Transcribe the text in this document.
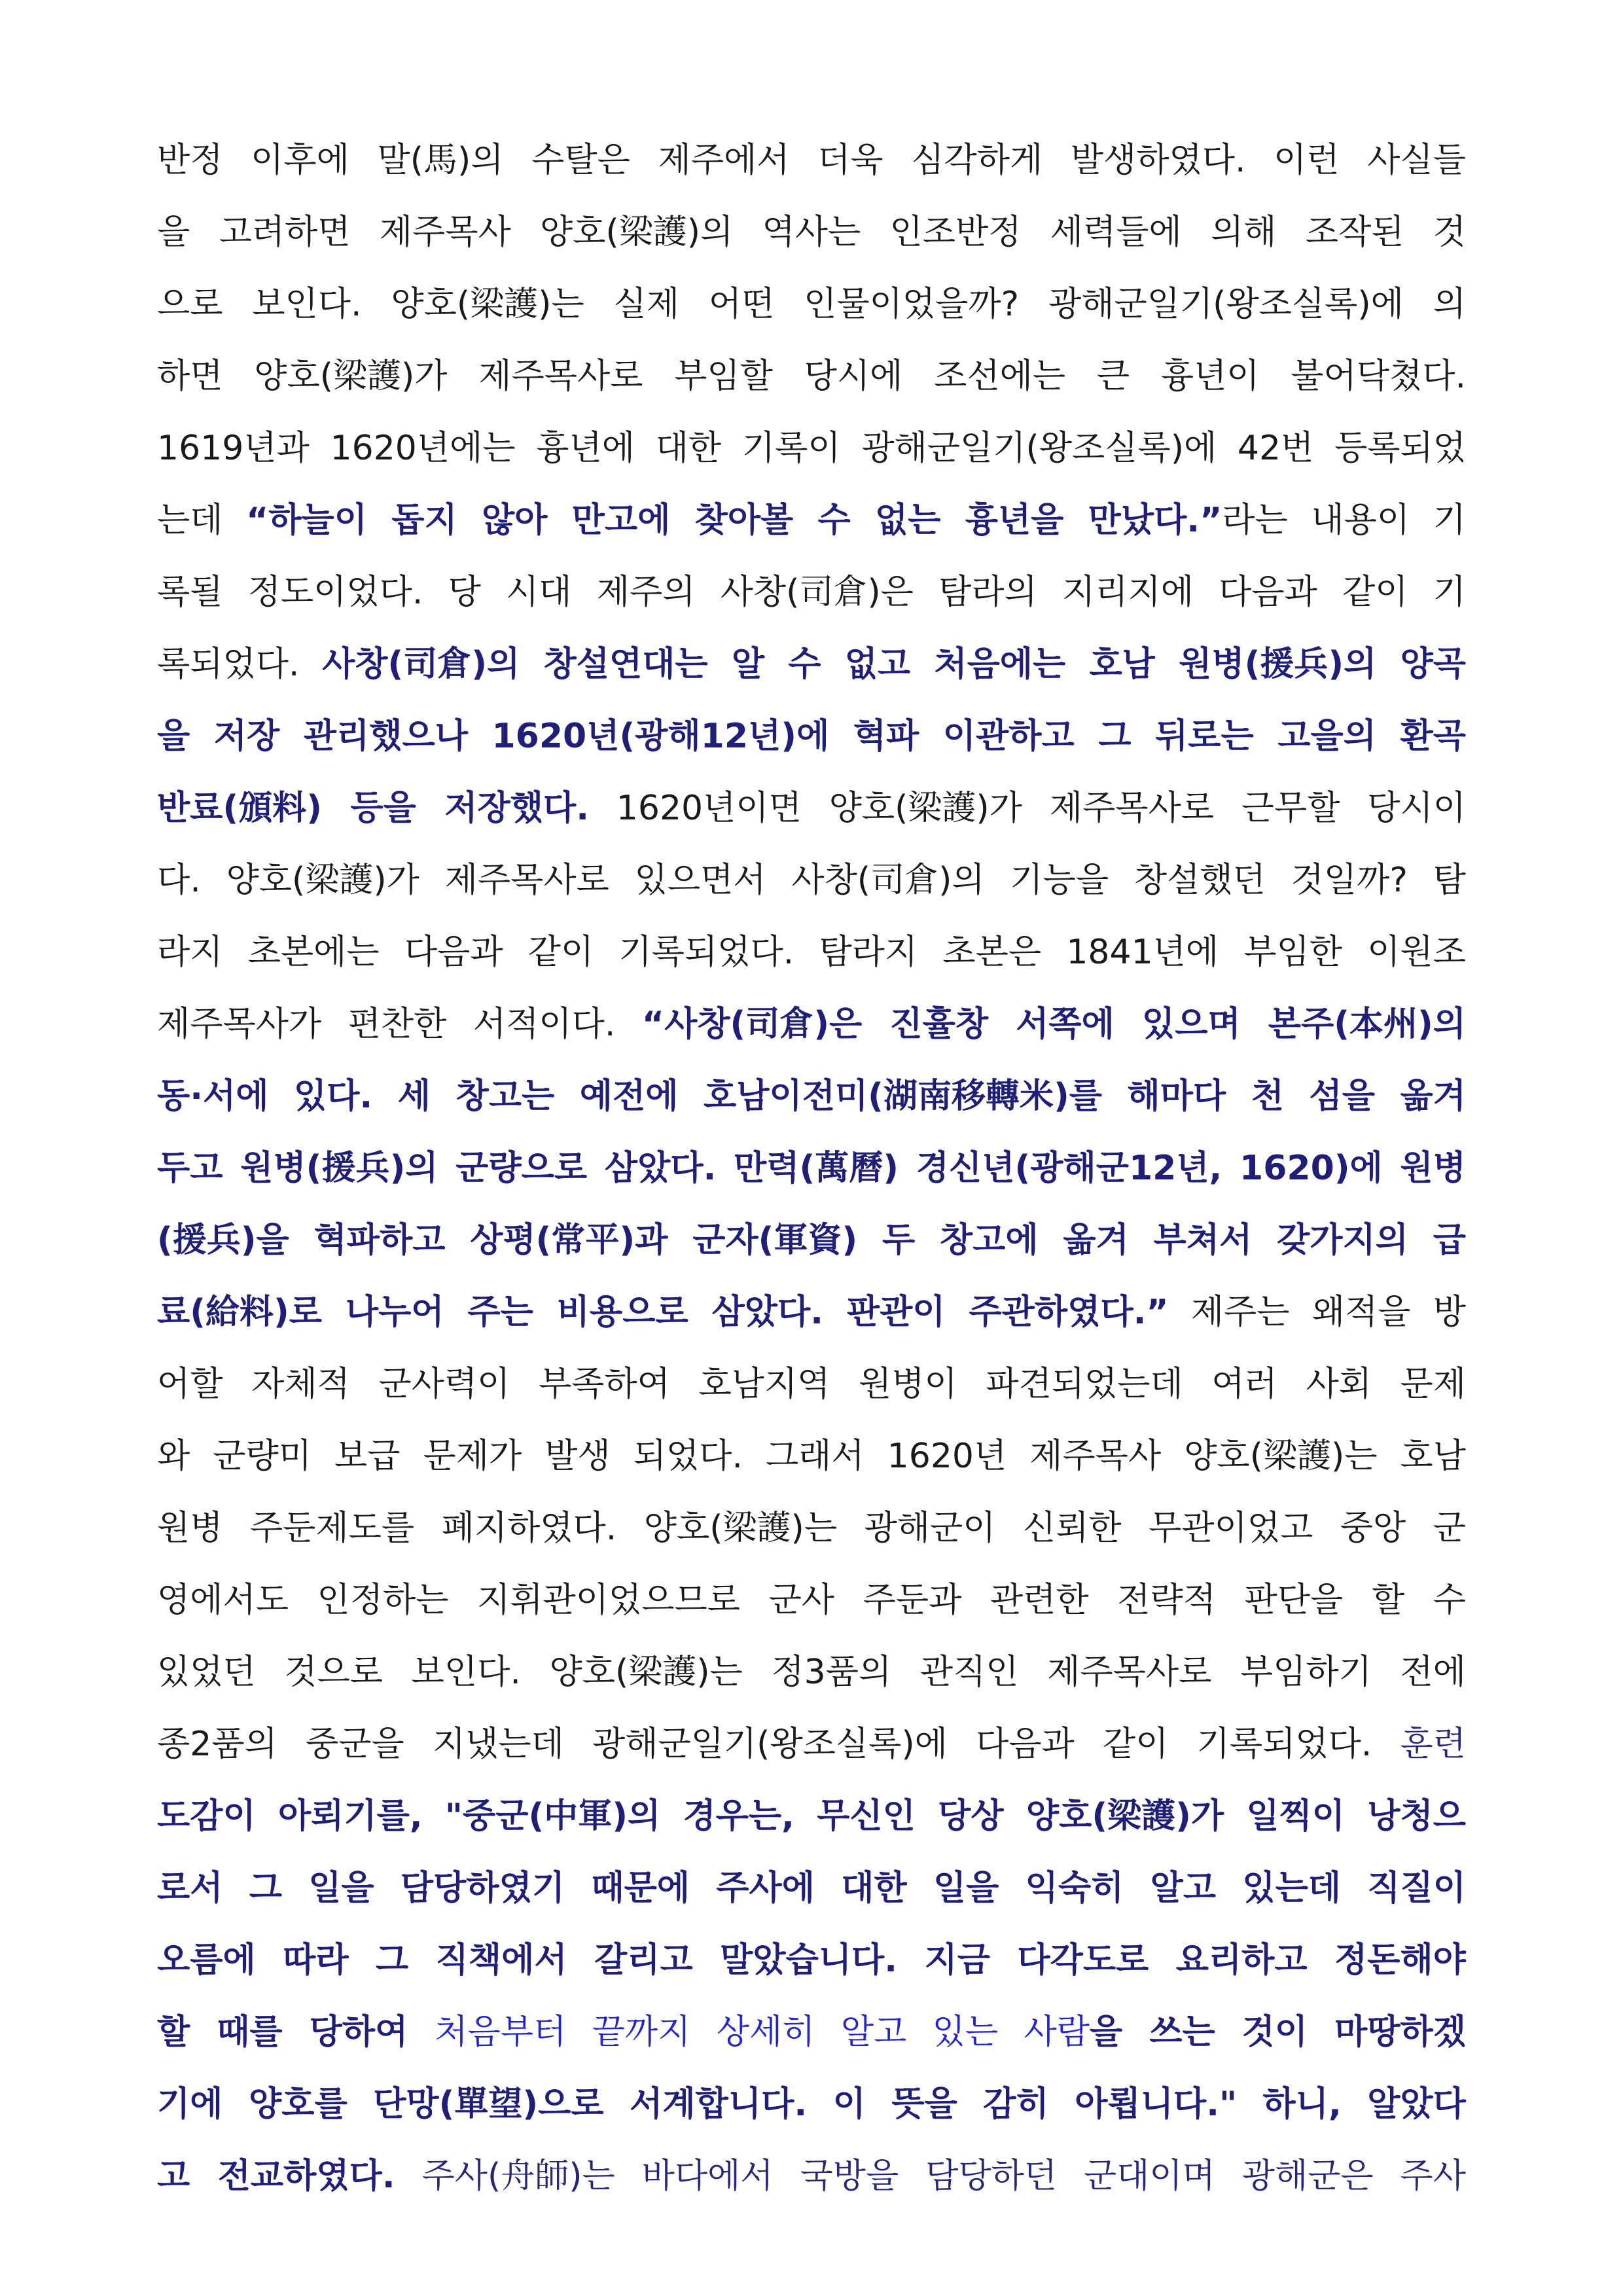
반정 이후에 말(馬)의 수탈은 제주에서 더욱 심각하게 발생하였다. 이런 사실들
을 고려하면 제주목사 양호(梁護)의 역사는 인조반정 세력들에 의해 조작된 것
으로 보인다. 양호(梁護)는 실제 어떤 인물이었을까? 광해군일기(왕조실록)에 의
하면 양호(梁護)가 제주목사로 부임할 당시에 조선에는 큰 흉년이 불어닥쳤다.
1619년과 1620년에는 흉년에 대한 기록이 광해군일기(왕조실록)에 42번 등록되었
는데 “하늘이 돕지 않아 만고에 찾아볼 수 없는 흉년을 만났다.”라는 내용이 기
록될 정도이었다. 당 시대 제주의 사창(司倉)은 탐라의 지리지에 다음과 같이 기
록되었다. 사창(司倉)의 창설연대는 알 수 없고 처음에는 호남 원병(援兵)의 양곡
을 저장 관리했으나 1620년(광해12년)에 혁파 이관하고 그 뒤로는 고을의 환곡
반료(頒料) 등을 저장했다. 1620년이면 양호(梁護)가 제주목사로 근무할 당시이
다. 양호(梁護)가 제주목사로 있으면서 사창(司倉)의 기능을 창설했던 것일까? 탐
라지 초본에는 다음과 같이 기록되었다. 탐라지 초본은 1841년에 부임한 이원조
제주목사가 편찬한 서적이다. “사창(司倉)은 진휼창 서쪽에 있으며 본주(本州)의
동·서에 있다. 세 창고는 예전에 호남이전미(湖南移轉米)를 해마다 천 섬을 옮겨
두고 원병(援兵)의 군량으로 삼았다. 만력(萬曆) 경신년(광해군12년, 1620)에 원병
(援兵)을 혁파하고 상평(常平)과 군자(軍資) 두 창고에 옮겨 부쳐서 갖가지의 급
료(給料)로 나누어 주는 비용으로 삼았다. 판관이 주관하였다.” 제주는 왜적을 방
어할 자체적 군사력이 부족하여 호남지역 원병이 파견되었는데 여러 사회 문제
와 군량미 보급 문제가 발생 되었다. 그래서 1620년 제주목사 양호(梁護)는 호남
원병 주둔제도를 폐지하였다. 양호(梁護)는 광해군이 신뢰한 무관이었고 중앙 군
영에서도 인정하는 지휘관이었으므로 군사 주둔과 관련한 전략적 판단을 할 수
있었던 것으로 보인다. 양호(梁護)는 정3품의 관직인 제주목사로 부임하기 전에
종2품의 중군을 지냈는데 광해군일기(왕조실록)에 다음과 같이 기록되었다. 훈련
도감이 아뢰기를, "중군(中軍)의 경우는, 무신인 당상 양호(梁護)가 일찍이 낭청으
로서 그 일을 담당하였기 때문에 주사에 대한 일을 익숙히 알고 있는데 직질이
오름에 따라 그 직책에서 갈리고 말았습니다. 지금 다각도로 요리하고 정돈해야
할 때를 당하여 처음부터 끝까지 상세히 알고 있는 사람을 쓰는 것이 마땅하겠
기에 양호를 단망(單望)으로 서계합니다. 이 뜻을 감히 아룁니다." 하니, 알았다
고 전교하였다. 주사(舟師)는 바다에서 국방을 담당하던 군대이며 광해군은 주사
